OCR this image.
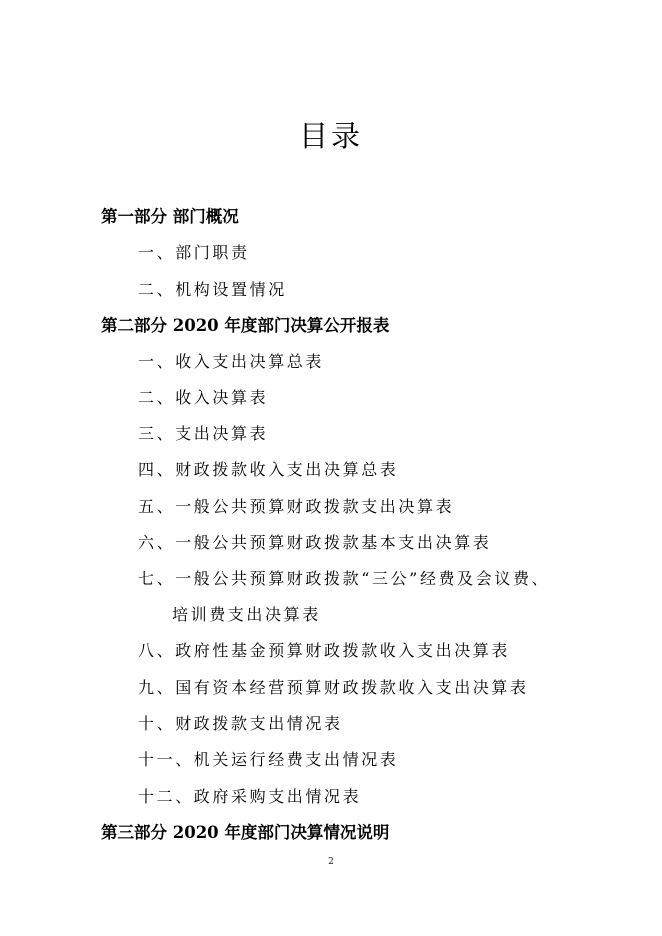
目录
第一部分 部门概况
一、部门职责
二、机构设置情况
第二部分 2020 年度部门决算公开报表
一、收入支出决算总表
二、收入决算表
三、支出决算表
四、财政拨款收入支出决算总表
五、一般公共预算财政拨款支出决算表
六、一般公共预算财政拨款基本支出决算表
七、一般公共预算财政拨款“三公”经费及会议费、
培训费支出决算表
八、政府性基金预算财政拨款收入支出决算表
九、国有资本经营预算财政拨款收入支出决算表
十、财政拨款支出情况表
十一、机关运行经费支出情况表
十二、政府采购支出情况表
第三部分 2020 年度部门决算情况说明
2
